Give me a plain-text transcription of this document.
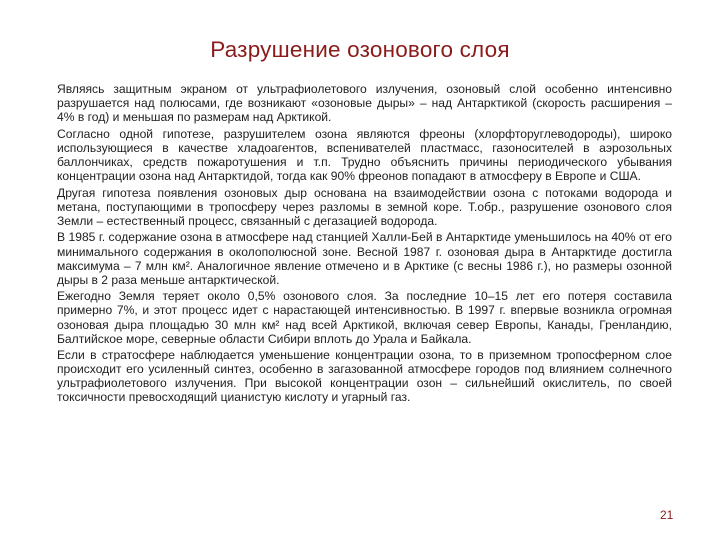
Разрушение озонового слоя

Являясь защитным экраном от ультрафиолетового излучения, озоновый слой особенно интенсивно разрушается над полюсами, где возникают «озоновые дыры» – над Антарктикой (скорость расширения – 4% в год) и меньшая по размерам над Арктикой.

Согласно одной гипотезе, разрушителем озона являются фреоны (хлорфторуглеводороды), широко использующиеся в качестве хладоагентов, вспенивателей пластмасс, газоносителей в аэрозольных баллончиках, средств пожаротушения и т.п. Трудно объяснить причины периодического убывания концентрации озона над Антарктидой, тогда как 90% фреонов попадают в атмосферу в Европе и США.

Другая гипотеза появления озоновых дыр основана на взаимодействии озона с потоками водорода и метана, поступающими в тропосферу через разломы в земной коре. Т.обр., разрушение озонового слоя Земли – естественный процесс, связанный с дегазацией водорода.

В 1985 г. содержание озона в атмосфере над станцией Халли-Бей в Антарктиде уменьшилось на 40% от его минимального содержания в околополюсной зоне. Весной 1987 г. озоновая дыра в Антарктиде достигла максимума – 7 млн км². Аналогичное явление отмечено и в Арктике (с весны 1986 г.), но размеры озонной дыры в 2 раза меньше антарктической.

Ежегодно Земля теряет около 0,5% озонового слоя. За последние 10–15 лет его потеря составила примерно 7%, и этот процесс идет с нарастающей интенсивностью. В 1997 г. впервые возникла огромная озоновая дыра площадью 30 млн км² над всей Арктикой, включая север Европы, Канады, Гренландию, Балтийское море, северные области Сибири вплоть до Урала и Байкала.

Если в стратосфере наблюдается уменьшение концентрации озона, то в приземном тропосферном слое происходит его усиленный синтез, особенно в загазованной атмосфере городов под влиянием солнечного ультрафиолетового излучения. При высокой концентрации озон – сильнейший окислитель, по своей токсичности превосходящий цианистую кислоту и угарный газ.

21
